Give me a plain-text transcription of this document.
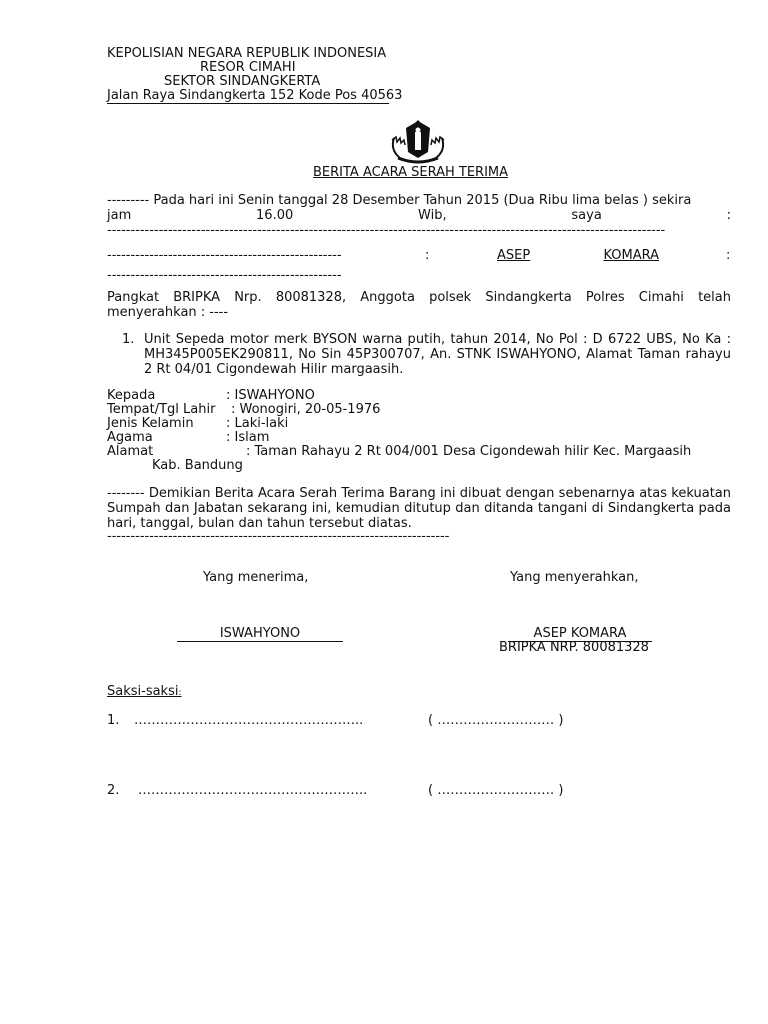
KEPOLISIAN NEGARA REPUBLIK INDONESIA
RESOR CIMAHI
SEKTOR SINDANGKERTA
Jalan Raya Sindangkerta 152 Kode Pos 40563
BERITA ACARA SERAH TERIMA
--------- Pada hari ini Senin tanggal 28 Desember Tahun 2015 (Dua Ribu lima belas ) sekira
jam	16.00	Wib,	saya	:
-----------------------------------------------------------------------------------------------------------------------
--------------------------------------------------	:	ASEP	KOMARA	:
--------------------------------------------------
Pangkat BRIPKA Nrp. 80081328, Anggota polsek Sindangkerta Polres Cimahi telah menyerahkan : ----
1. Unit Sepeda motor merk BYSON warna putih, tahun 2014, No Pol : D 6722 UBS, No Ka : MH345P005EK290811, No Sin 45P300707, An. STNK ISWAHYONO, Alamat Taman rahayu 2 Rt 04/01 Cigondewah Hilir margaasih.
Kepada	: ISWAHYONO
Tempat/Tgl Lahir : Wonogiri, 20-05-1976
Jenis Kelamin : Laki-laki
Agama	: Islam
Alamat	: Taman Rahayu 2 Rt 004/001 Desa Cigondewah hilir Kec. Margaasih
Kab. Bandung
-------- Demikian Berita Acara Serah Terima Barang ini dibuat dengan sebenarnya atas kekuatan Sumpah dan Jabatan sekarang ini, kemudian ditutup dan ditanda tangani di Sindangkerta pada hari, tanggal, bulan dan tahun tersebut diatas.
-------------------------------------------------------------------------
Yang menerima,	Yang menyerahkan,
ISWAHYONO	ASEP KOMARA
BRIPKA NRP. 80081328
Saksi-saksi:
1. ……………………………………………..	( ……………………… )
2. ……………………………………………..	( ……………………… )
